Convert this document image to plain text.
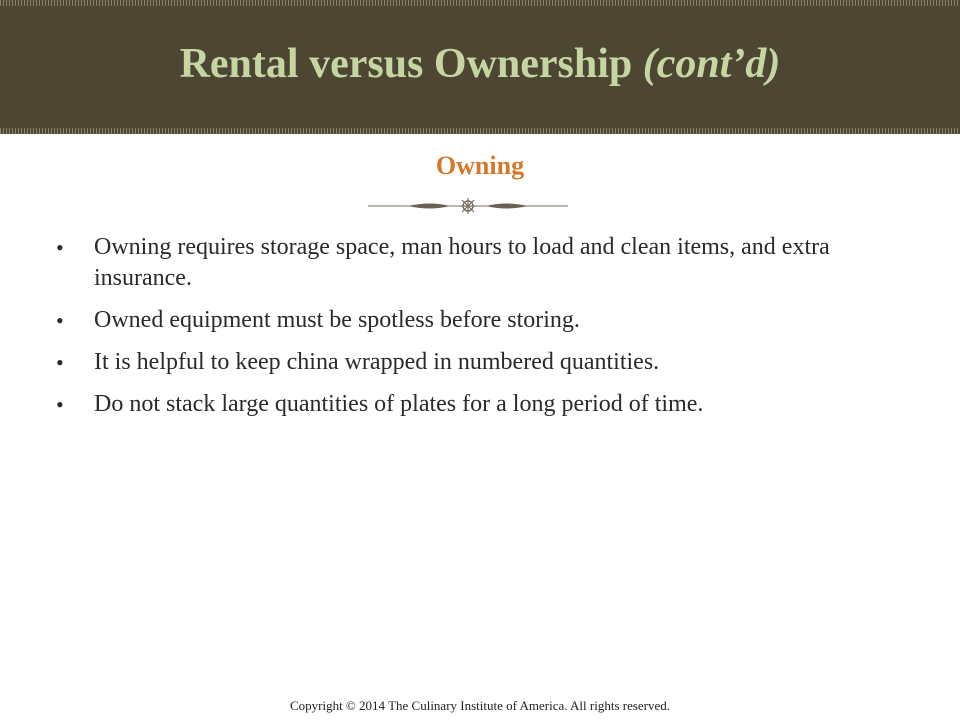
Rental versus Ownership (cont’d)
Owning
• Owning requires storage space, man hours to load and clean items, and extra insurance.
• Owned equipment must be spotless before storing.
• It is helpful to keep china wrapped in numbered quantities.
• Do not stack large quantities of plates for a long period of time.
Copyright © 2014 The Culinary Institute of America. All rights reserved.
